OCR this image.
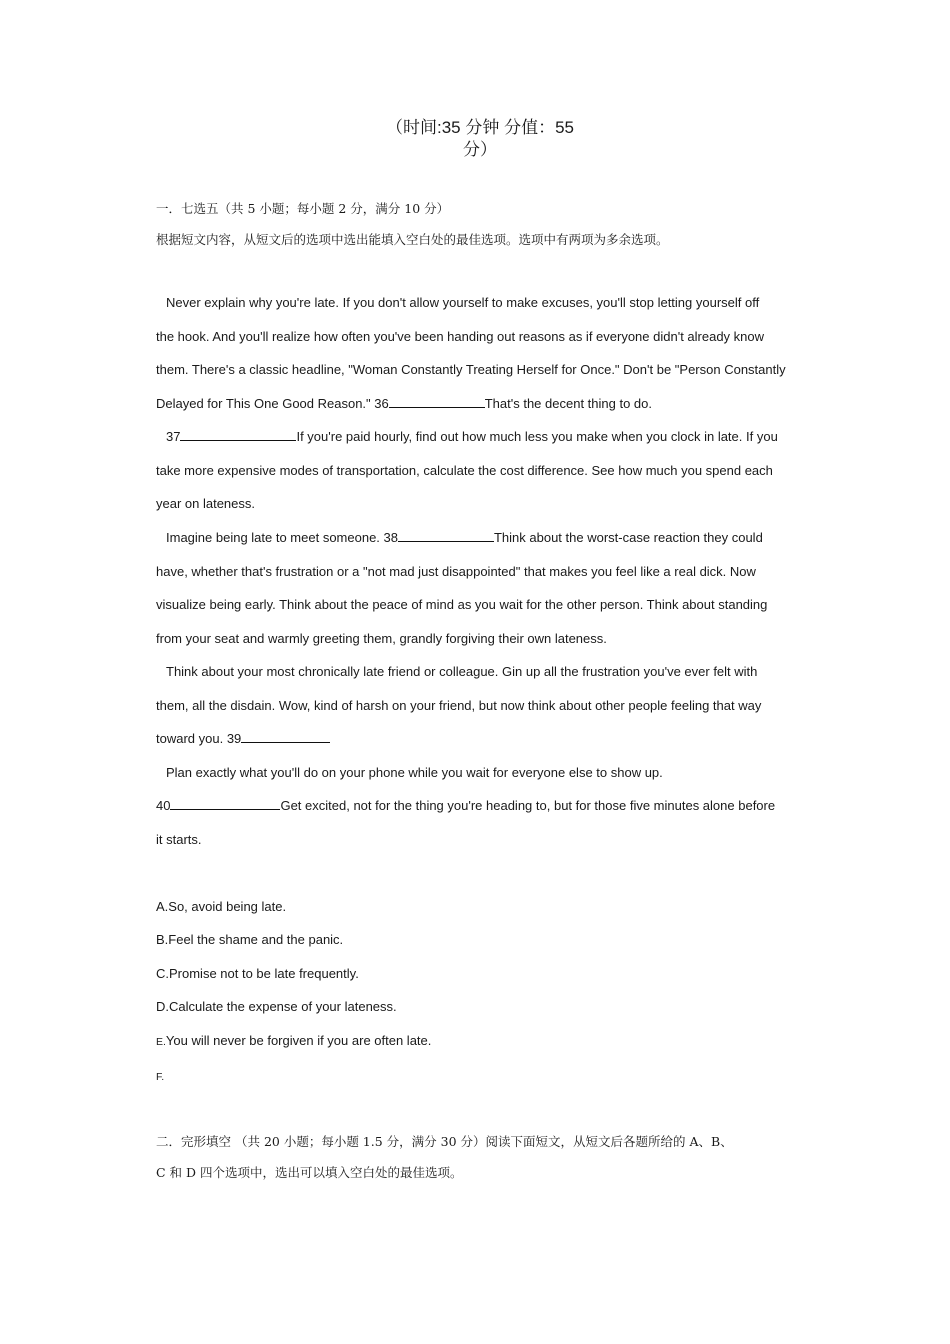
（时间:35 分钟 分值：55
分）
一．七选五（共 5 小题；每小题 2 分，满分 10 分）
根据短文内容，从短文后的选项中选出能填入空白处的最佳选项。选项中有两项为多余选项。
Never explain why you're late. If you don't allow yourself to make excuses, you'll stop letting yourself off
the hook. And you'll realize how often you've been handing out reasons as if everyone didn't already know
them. There's a classic headline, "Woman Constantly Treating Herself for Once." Don't be "Person Constantly
Delayed for This One Good Reason." 36	That's the decent thing to do.
37	If you're paid hourly, find out how much less you make when you clock in late. If you
take more expensive modes of transportation, calculate the cost difference. See how much you spend each
year on lateness.
Imagine being late to meet someone. 38	Think about the worst-case reaction they could
have, whether that's frustration or a "not mad just disappointed" that makes you feel like a real dick. Now
visualize being early. Think about the peace of mind as you wait for the other person. Think about standing
from your seat and warmly greeting them, grandly forgiving their own lateness.
Think about your most chronically late friend or colleague. Gin up all the frustration you've ever felt with
them, all the disdain. Wow, kind of harsh on your friend, but now think about other people feeling that way
toward you. 39
Plan exactly what you'll do on your phone while you wait for everyone else to show up.
40	Get excited, not for the thing you're heading to, but for those five minutes alone before
it starts.
A.So, avoid being late.
B.Feel the shame and the panic.
C.Promise not to be late frequently.
D.Calculate the expense of your lateness.
E.You will never be forgiven if you are often late.
F.
二．完形填空 （共 20 小题；每小题 1.5 分，满分 30 分）阅读下面短文，从短文后各题所给的 A、B、
C 和 D 四个选项中，选出可以填入空白处的最佳选项。
